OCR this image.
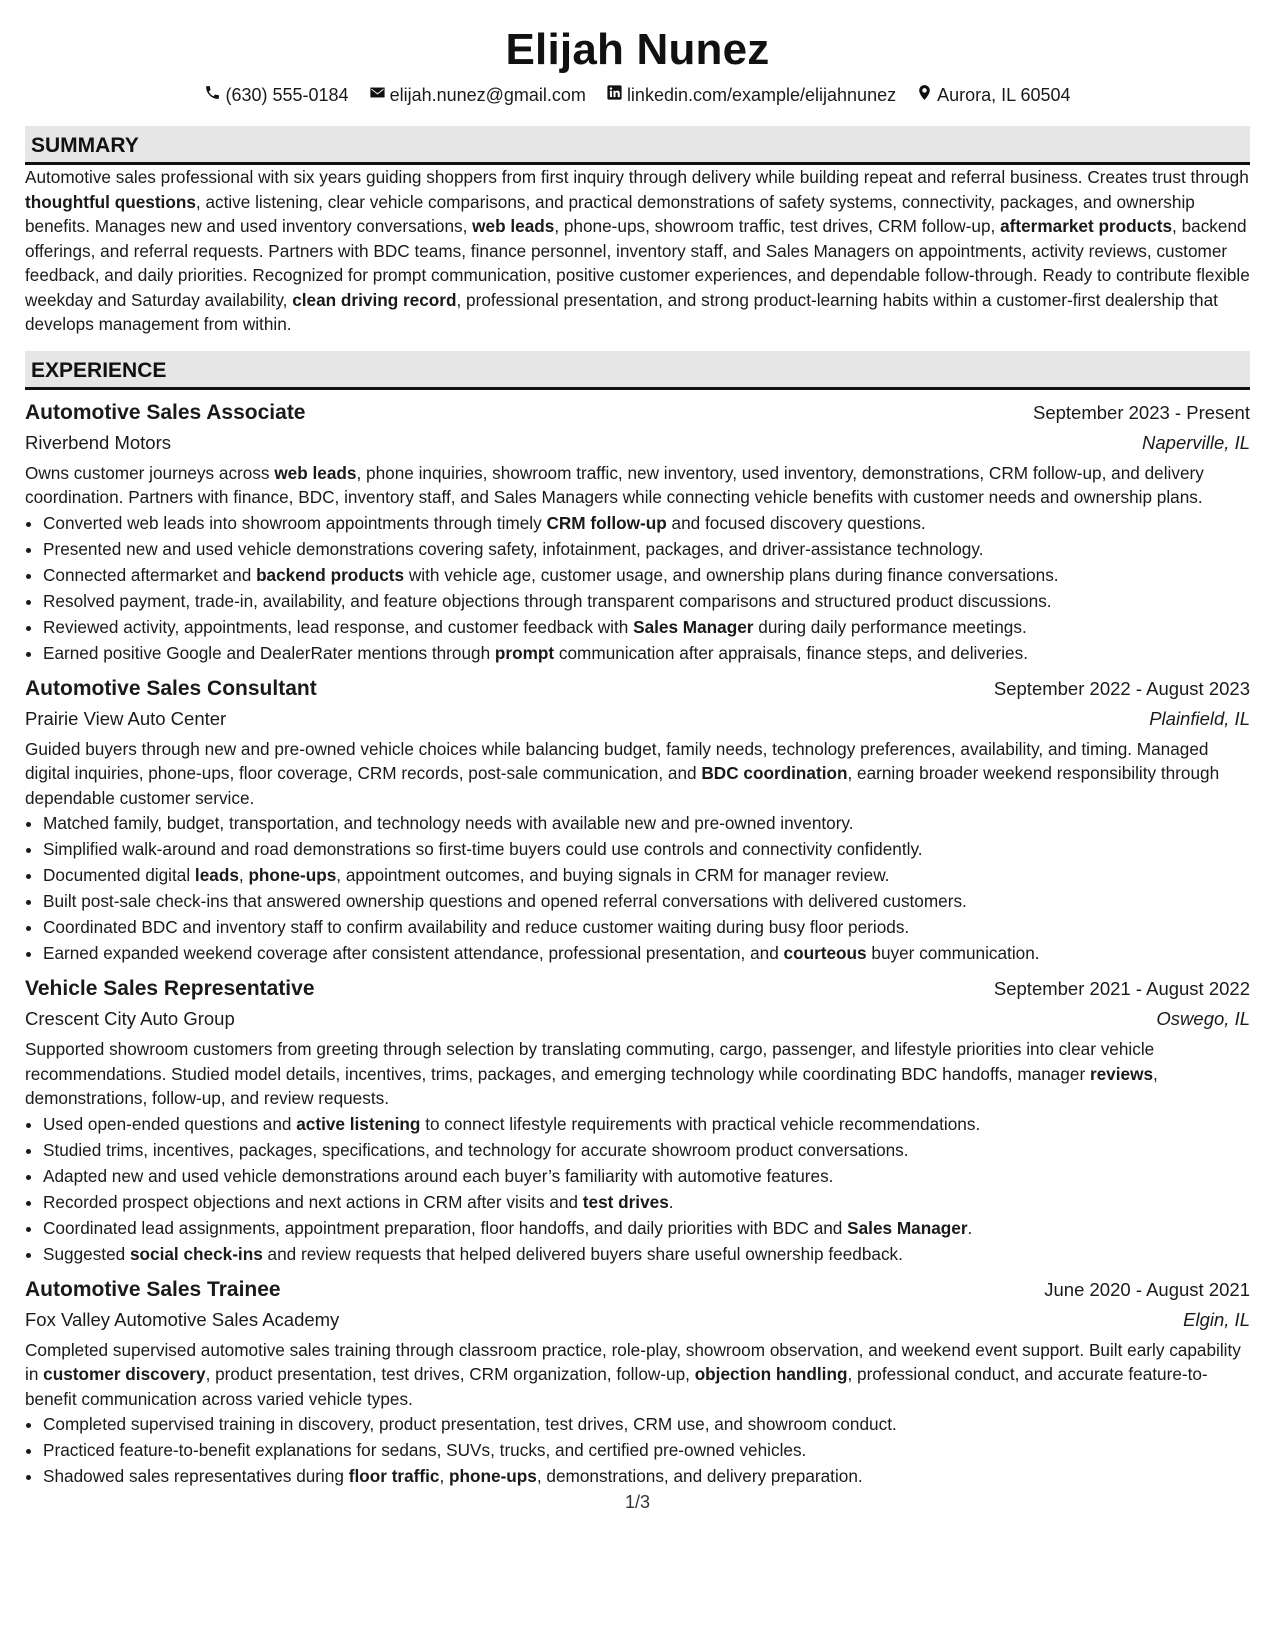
Elijah Nunez
(630) 555-0184 elijah.nunez@gmail.com linkedin.com/example/elijahnunez Aurora, IL 60504
SUMMARY

Automotive sales professional with six years guiding shoppers from first inquiry through delivery while building repeat and referral business. Creates trust through thoughtful questions, active listening, clear vehicle comparisons, and practical demonstrations of safety systems, connectivity, packages, and ownership benefits. Manages new and used inventory conversations, web leads, phone-ups, showroom traffic, test drives, CRM follow-up, aftermarket products, backend offerings, and referral requests. Partners with BDC teams, finance personnel, inventory staff, and Sales Managers on appointments, activity reviews, customer feedback, and daily priorities. Recognized for prompt communication, positive customer experiences, and dependable follow-through. Ready to contribute flexible weekday and Saturday availability, clean driving record, professional presentation, and strong product-learning habits within a customer-first dealership that develops management from within.

EXPERIENCE
Automotive Sales Associate	September 2023 - Present
Riverbend Motors	Naperville, IL

Owns customer journeys across web leads, phone inquiries, showroom traffic, new inventory, used inventory, demonstrations, CRM follow-up, and delivery coordination. Partners with finance, BDC, inventory staff, and Sales Managers while connecting vehicle benefits with customer needs and ownership plans.

• Converted web leads into showroom appointments through timely CRM follow-up and focused discovery questions.
• Presented new and used vehicle demonstrations covering safety, infotainment, packages, and driver-assistance technology.
• Connected aftermarket and backend products with vehicle age, customer usage, and ownership plans during finance conversations.
• Resolved payment, trade-in, availability, and feature objections through transparent comparisons and structured product discussions.
• Reviewed activity, appointments, lead response, and customer feedback with Sales Manager during daily performance meetings.
• Earned positive Google and DealerRater mentions through prompt communication after appraisals, finance steps, and deliveries.
Automotive Sales Consultant	September 2022 - August 2023
Prairie View Auto Center	Plainfield, IL

Guided buyers through new and pre-owned vehicle choices while balancing budget, family needs, technology preferences, availability, and timing. Managed digital inquiries, phone-ups, floor coverage, CRM records, post-sale communication, and BDC coordination, earning broader weekend responsibility through dependable customer service.

• Matched family, budget, transportation, and technology needs with available new and pre-owned inventory.
• Simplified walk-around and road demonstrations so first-time buyers could use controls and connectivity confidently.
• Documented digital leads, phone-ups, appointment outcomes, and buying signals in CRM for manager review.
• Built post-sale check-ins that answered ownership questions and opened referral conversations with delivered customers.
• Coordinated BDC and inventory staff to confirm availability and reduce customer waiting during busy floor periods.
• Earned expanded weekend coverage after consistent attendance, professional presentation, and courteous buyer communication.
Vehicle Sales Representative	September 2021 - August 2022
Crescent City Auto Group	Oswego, IL

Supported showroom customers from greeting through selection by translating commuting, cargo, passenger, and lifestyle priorities into clear vehicle recommendations. Studied model details, incentives, trims, packages, and emerging technology while coordinating BDC handoffs, manager reviews, demonstrations, follow-up, and review requests.

• Used open-ended questions and active listening to connect lifestyle requirements with practical vehicle recommendations.
• Studied trims, incentives, packages, specifications, and technology for accurate showroom product conversations.
• Adapted new and used vehicle demonstrations around each buyer’s familiarity with automotive features.
• Recorded prospect objections and next actions in CRM after visits and test drives.
• Coordinated lead assignments, appointment preparation, floor handoffs, and daily priorities with BDC and Sales Manager.
• Suggested social check-ins and review requests that helped delivered buyers share useful ownership feedback.
Automotive Sales Trainee	June 2020 - August 2021
Fox Valley Automotive Sales Academy	Elgin, IL

Completed supervised automotive sales training through classroom practice, role-play, showroom observation, and weekend event support. Built early capability in customer discovery, product presentation, test drives, CRM organization, follow-up, objection handling, professional conduct, and accurate feature-to-benefit communication across varied vehicle types.

• Completed supervised training in discovery, product presentation, test drives, CRM use, and showroom conduct.
• Practiced feature-to-benefit explanations for sedans, SUVs, trucks, and certified pre-owned vehicles.
• Shadowed sales representatives during floor traffic, phone-ups, demonstrations, and delivery preparation.
1/3
